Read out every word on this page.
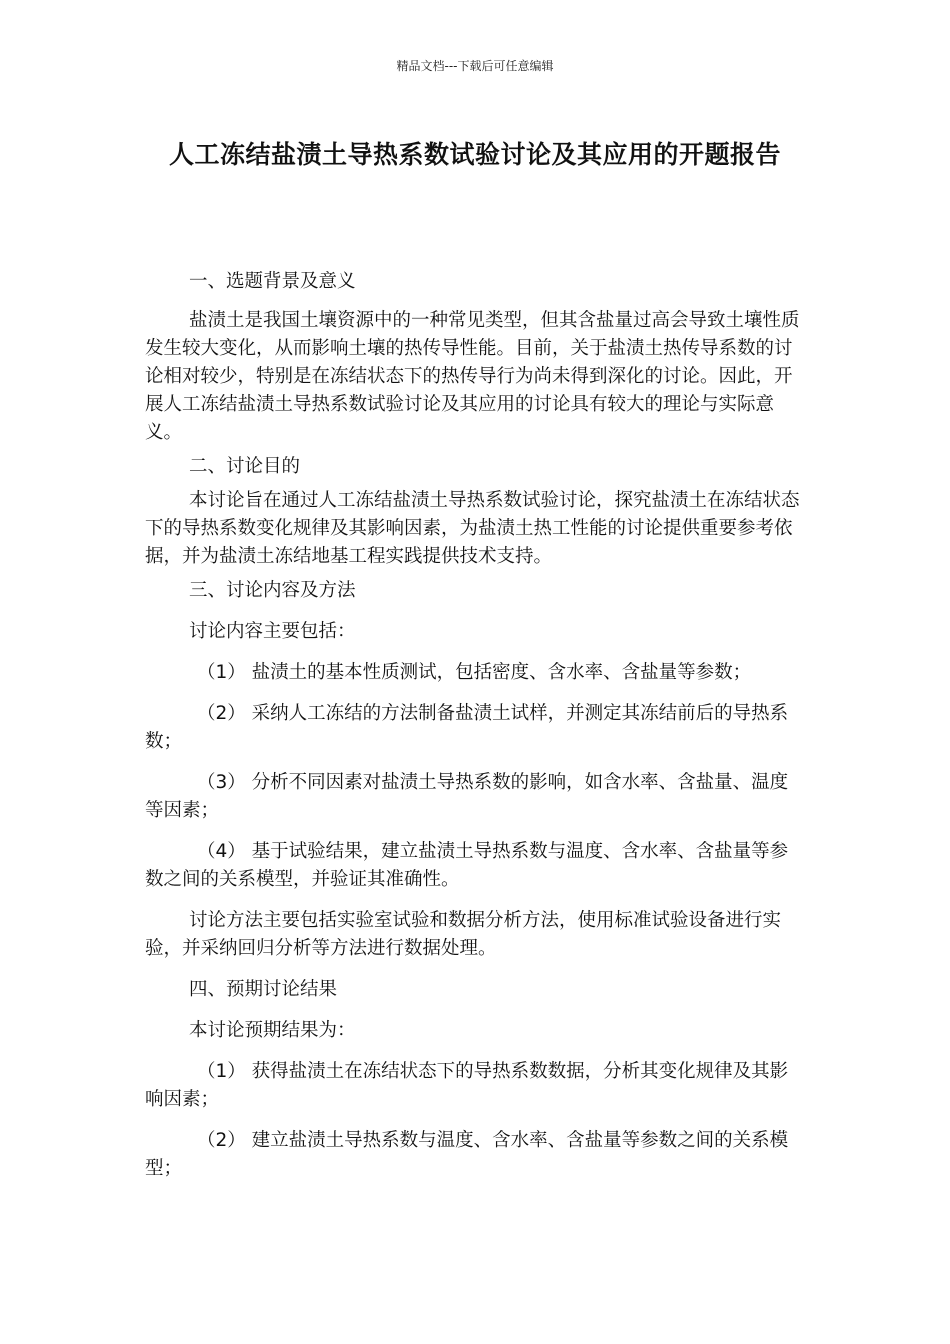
精品文档---下载后可任意编辑
人工冻结盐渍土导热系数试验讨论及其应用的开题报告

一、选题背景及意义

盐渍土是我国土壤资源中的一种常见类型，但其含盐量过高会导致土壤性质发生较大变化，从而影响土壤的热传导性能。目前，关于盐渍土热传导系数的讨论相对较少，特别是在冻结状态下的热传导行为尚未得到深化的讨论。因此，开展人工冻结盐渍土导热系数试验讨论及其应用的讨论具有较大的理论与实际意义。

二、讨论目的

本讨论旨在通过人工冻结盐渍土导热系数试验讨论，探究盐渍土在冻结状态下的导热系数变化规律及其影响因素，为盐渍土热工性能的讨论提供重要参考依据，并为盐渍土冻结地基工程实践提供技术支持。

三、讨论内容及方法

讨论内容主要包括：

（1） 盐渍土的基本性质测试，包括密度、含水率、含盐量等参数；

（2） 采纳人工冻结的方法制备盐渍土试样，并测定其冻结前后的导热系数；

（3） 分析不同因素对盐渍土导热系数的影响，如含水率、含盐量、温度等因素；

（4） 基于试验结果，建立盐渍土导热系数与温度、含水率、含盐量等参数之间的关系模型，并验证其准确性。

讨论方法主要包括实验室试验和数据分析方法，使用标准试验设备进行实验，并采纳回归分析等方法进行数据处理。

四、预期讨论结果

本讨论预期结果为：

（1） 获得盐渍土在冻结状态下的导热系数数据，分析其变化规律及其影响因素；

（2） 建立盐渍土导热系数与温度、含水率、含盐量等参数之间的关系模型；
